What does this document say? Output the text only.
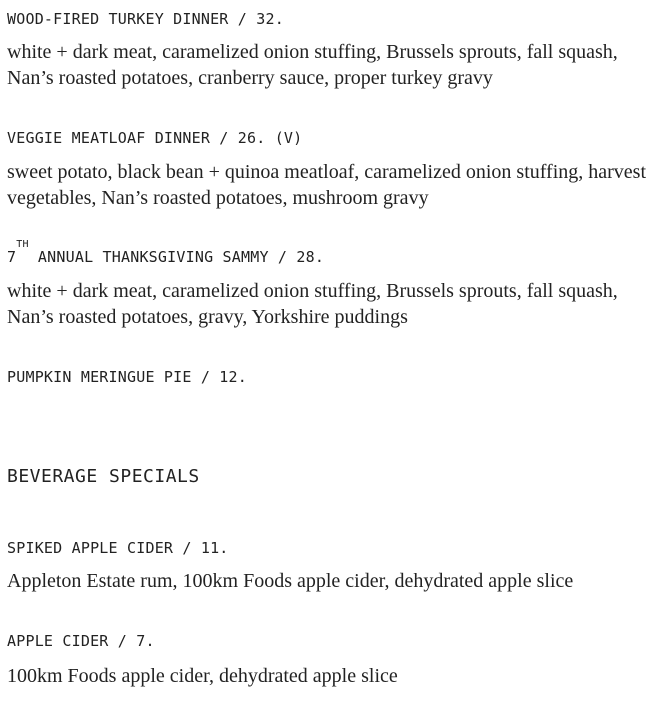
WOOD-FIRED TURKEY DINNER / 32.
white + dark meat, caramelized onion stuffing, Brussels sprouts, fall squash, Nan’s roasted potatoes, cranberry sauce, proper turkey gravy
VEGGIE MEATLOAF DINNER / 26. (V)
sweet potato, black bean + quinoa meatloaf, caramelized onion stuffing, harvest vegetables, Nan’s roasted potatoes, mushroom gravy
7TH ANNUAL THANKSGIVING SAMMY / 28.
white + dark meat, caramelized onion stuffing, Brussels sprouts, fall squash, Nan’s roasted potatoes, gravy, Yorkshire puddings
PUMPKIN MERINGUE PIE / 12.
BEVERAGE SPECIALS
SPIKED APPLE CIDER / 11.
Appleton Estate rum, 100km Foods apple cider, dehydrated apple slice
APPLE CIDER / 7.
100km Foods apple cider, dehydrated apple slice
